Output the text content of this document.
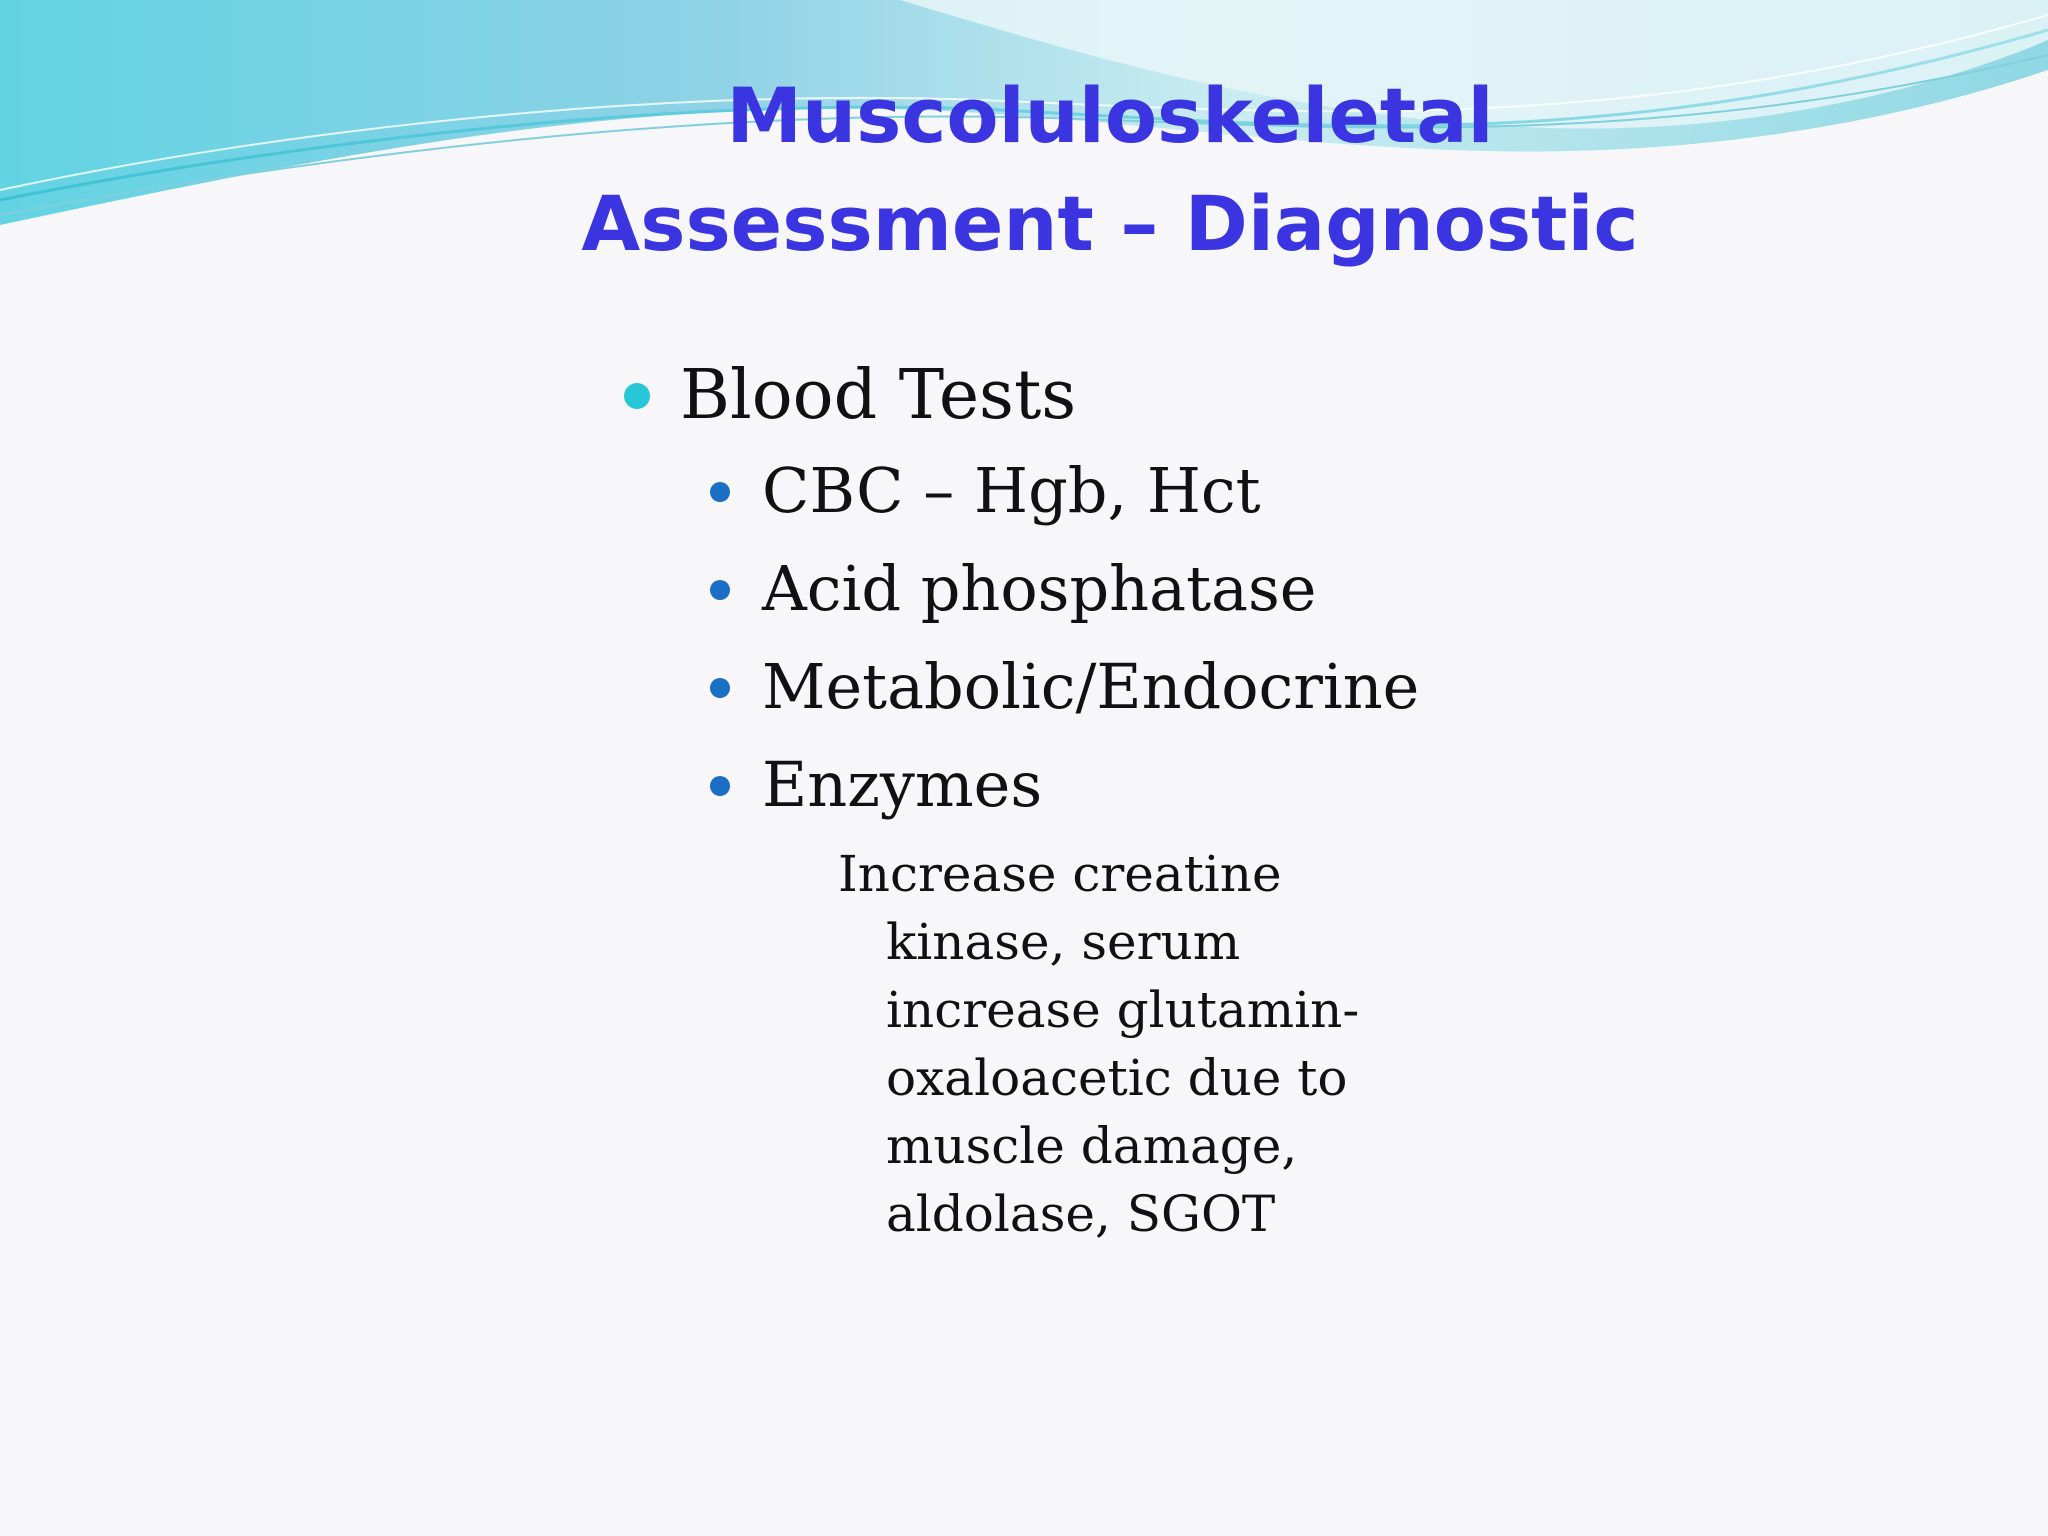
Muscoluloskeletal
Assessment – Diagnostic
Blood Tests
CBC – Hgb, Hct
Acid phosphatase
Metabolic/Endocrine
Enzymes
Increase creatine kinase, serum increase glutamin-oxaloacetic due to muscle damage, aldolase, SGOT
